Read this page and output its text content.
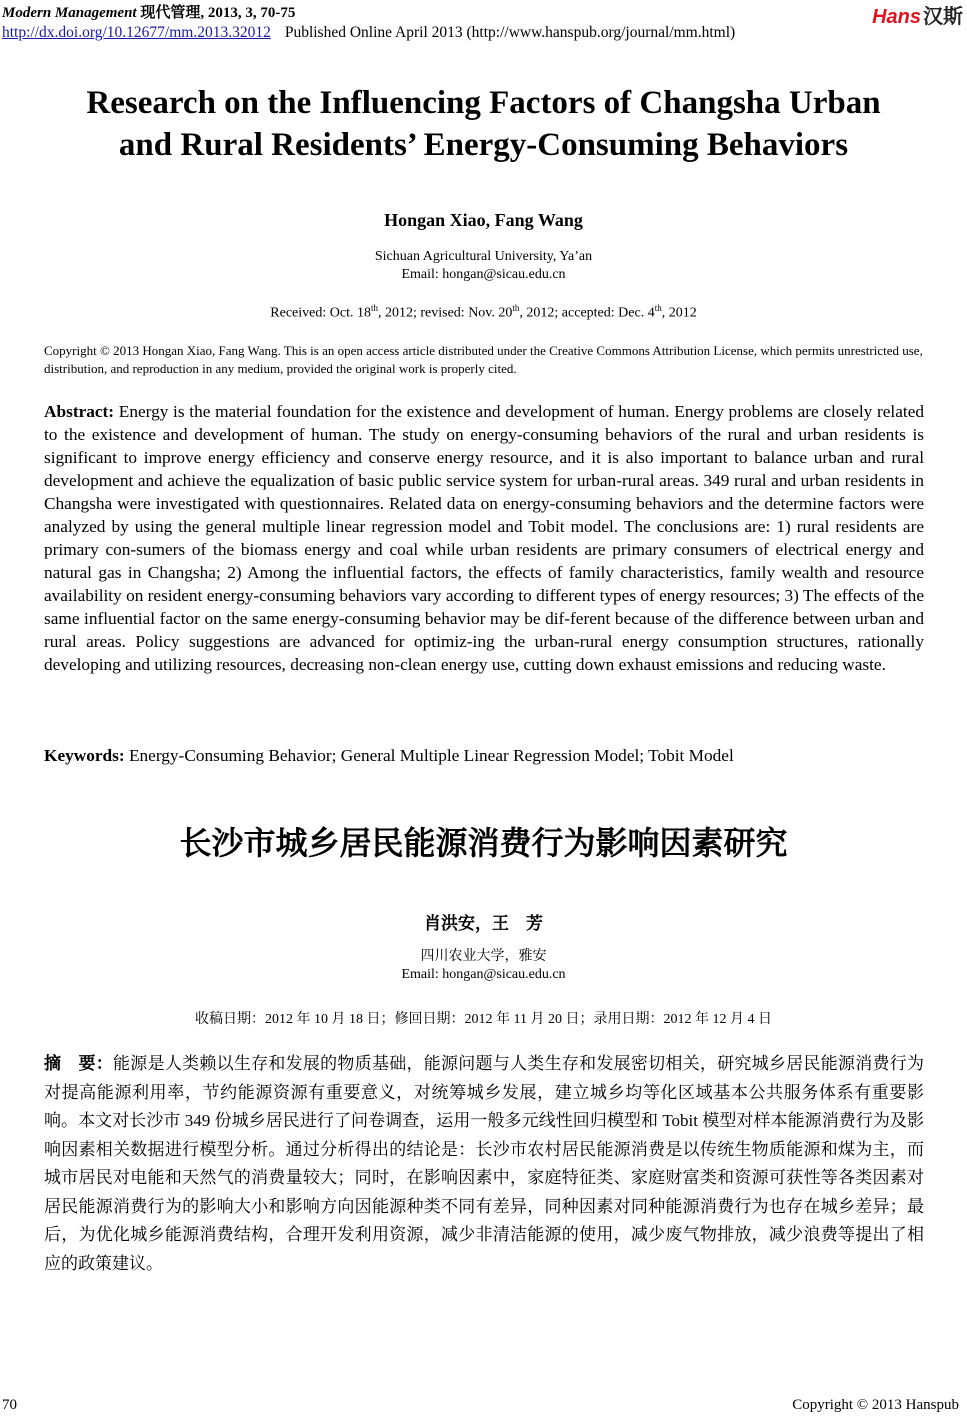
Modern Management 现代管理, 2013, 3, 70-75
http://dx.doi.org/10.12677/mm.2013.32012 Published Online April 2013 (http://www.hanspub.org/journal/mm.html)
Hans 汉斯
Research on the Influencing Factors of Changsha Urban
and Rural Residents’ Energy-Consuming Behaviors
Hongan Xiao, Fang Wang
Sichuan Agricultural University, Ya’an
Email: hongan@sicau.edu.cn
Received: Oct. 18th, 2012; revised: Nov. 20th, 2012; accepted: Dec. 4th, 2012
Copyright © 2013 Hongan Xiao, Fang Wang. This is an open access article distributed under the Creative Commons Attribution License, which permits unrestricted use, distribution, and reproduction in any medium, provided the original work is properly cited.
Abstract: Energy is the material foundation for the existence and development of human. Energy problems are closely related to the existence and development of human. The study on energy-consuming behaviors of the rural and urban residents is significant to improve energy efficiency and conserve energy resource, and it is also important to balance urban and rural development and achieve the equalization of basic public service system for urban-rural areas. 349 rural and urban residents in Changsha were investigated with questionnaires. Related data on energy-consuming behaviors and the determine factors were analyzed by using the general multiple linear regression model and Tobit model. The conclusions are: 1) rural residents are primary con-sumers of the biomass energy and coal while urban residents are primary consumers of electrical energy and natural gas in Changsha; 2) Among the influential factors, the effects of family characteristics, family wealth and resource availability on resident energy-consuming behaviors vary according to different types of energy resources; 3) The effects of the same influential factor on the same energy-consuming behavior may be dif-ferent because of the difference between urban and rural areas. Policy suggestions are advanced for optimiz-ing the urban-rural energy consumption structures, rationally developing and utilizing resources, decreasing non-clean energy use, cutting down exhaust emissions and reducing waste.
Keywords: Energy-Consuming Behavior; General Multiple Linear Regression Model; Tobit Model
长沙市城乡居民能源消费行为影响因素研究
肖洪安，王　芳
四川农业大学，雅安
Email: hongan@sicau.edu.cn
收稿日期：2012 年 10 月 18 日；修回日期：2012 年 11 月 20 日；录用日期：2012 年 12 月 4 日
摘　要：能源是人类赖以生存和发展的物质基础，能源问题与人类生存和发展密切相关，研究城乡居民能源消费行为对提高能源利用率，节约能源资源有重要意义，对统筹城乡发展，建立城乡均等化区域基本公共服务体系有重要影响。本文对长沙市 349 份城乡居民进行了问卷调查，运用一般多元线性回归模型和 Tobit 模型对样本能源消费行为及影响因素相关数据进行模型分析。通过分析得出的结论是：长沙市农村居民能源消费是以传统生物质能源和煤为主，而城市居民对电能和天然气的消费量较大；同时，在影响因素中，家庭特征类、家庭财富类和资源可获性等各类因素对居民能源消费行为的影响大小和影响方向因能源种类不同有差异，同种因素对同种能源消费行为也存在城乡差异；最后，为优化城乡能源消费结构，合理开发利用资源，减少非清洁能源的使用，减少废气物排放，减少浪费等提出了相应的政策建议。
70	Copyright © 2013 Hanspub
